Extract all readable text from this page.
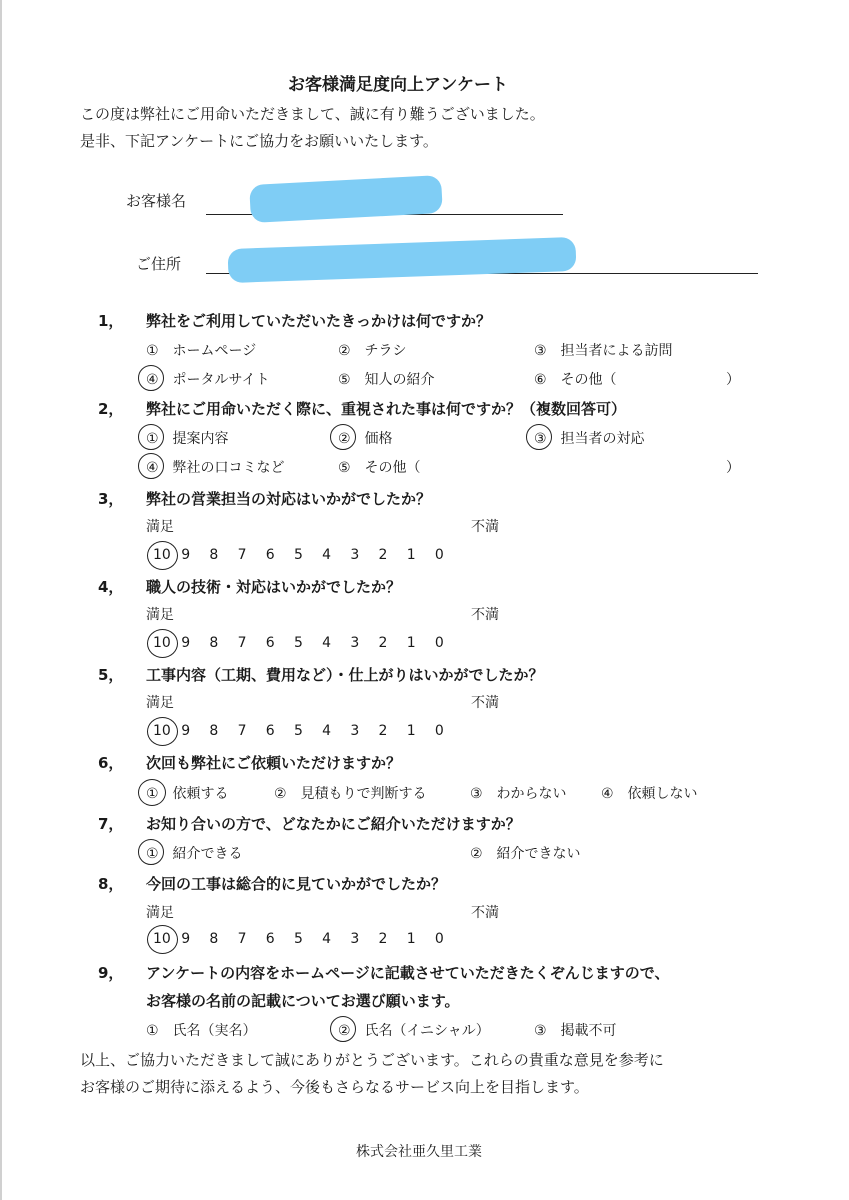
お客様満足度向上アンケート
この度は弊社にご用命いただきまして、誠に有り難うございました。
是非、下記アンケートにご協力をお願いいたします。
お客様名
ご住所
1， 弊社をご利用していただいたきっかけは何ですか？
①　ホームページ	②　チラシ	③　担当者による訪問
④　ポータルサイト	⑤　知人の紹介	⑥　その他（	）
2， 弊社にご用命いただく際に、重視された事は何ですか？（複数回答可）
①　提案内容	②　価格	③　担当者の対応
④　弊社の口コミなど	⑤　その他（	）
3， 弊社の営業担当の対応はいかがでしたか？
満足	不満
10 9 8 7 6 5 4 3 2 1 0
4， 職人の技術・対応はいかがでしたか？
満足	不満
10 9 8 7 6 5 4 3 2 1 0
5， 工事内容（工期、費用など）・仕上がりはいかがでしたか？
満足	不満
10 9 8 7 6 5 4 3 2 1 0
6， 次回も弊社にご依頼いただけますか？
①　依頼する	②　見積もりで判断する	③　わからない ④　依頼しない
7， お知り合いの方で、どなたかにご紹介いただけますか？
①　紹介できる	②　紹介できない
8， 今回の工事は総合的に見ていかがでしたか？
満足	不満
10 9 8 7 6 5 4 3 2 1 0
9， アンケートの内容をホームページに記載させていただきたくぞんじますので、
お客様の名前の記載についてお選び願います。
①　氏名（実名）	②　氏名（イニシャル）	③　掲載不可
以上、ご協力いただきまして誠にありがとうございます。これらの貴重な意見を参考に
お客様のご期待に添えるよう、今後もさらなるサービス向上を目指します。
株式会社亜久里工業
